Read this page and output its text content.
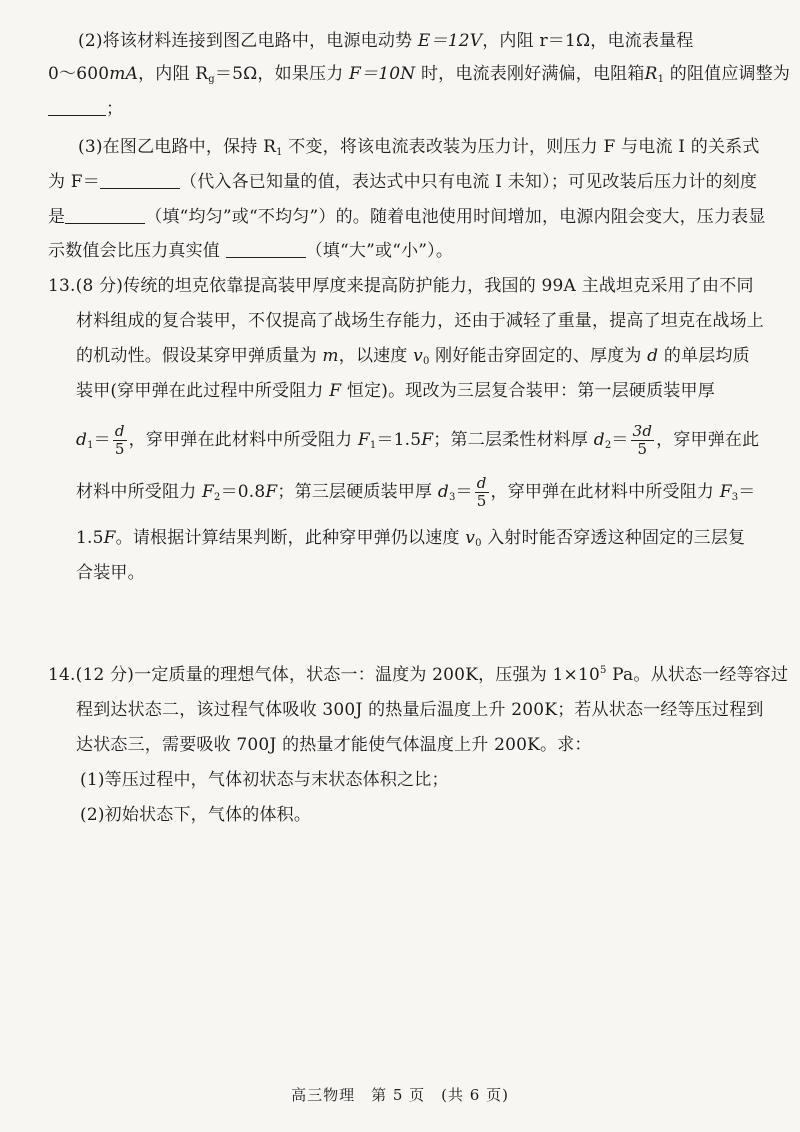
(2)将该材料连接到图乙电路中，电源电动势 E＝12V，内阻 r＝1Ω，电流表量程
0～600mA，内阻 $R_g=5\Omega$，如果压力 F＝10N 时，电流表刚好满偏，电阻箱$R_1$ 的阻值应调整为
；
(3)在图乙电路中，保持 $R_1$ 不变，将该电流表改装为压力计，则压力 F 与电流 I 的关系式
为 F＝	（代入各已知量的值，表达式中只有电流 I 未知）；可见改装后压力计的刻度
是	（填“均匀”或“不均匀”）的。随着电池使用时间增加，电源内阻会变大，压力表显
示数值会比压力真实值	（填“大”或“小”）。
13.(8 分)传统的坦克依靠提高装甲厚度来提高防护能力，我国的 99A 主战坦克采用了由不同
材料组成的复合装甲，不仅提高了战场生存能力，还由于减轻了重量，提高了坦克在战场上
的机动性。假设某穿甲弹质量为 m，以速度 $v_0$ 刚好能击穿固定的、厚度为 d 的单层均质
装甲(穿甲弹在此过程中所受阻力 F 恒定)。现改为三层复合装甲：第一层硬质装甲厚
$d_1= \frac{d}{5}$ ，穿甲弹在此材料中所受阻力 $F_1=1.5F$；第二层柔性材料厚 $d_2= \frac{3d}{5}$ ，穿甲弹在此
材料中所受阻力 $F_2=0.8F$；第三层硬质装甲厚 $d_3= \frac{d}{5}$ ，穿甲弹在此材料中所受阻力 $F_3=$
1.5F。请根据计算结果判断，此种穿甲弹仍以速度 $v_0$ 入射时能否穿透这种固定的三层复
合装甲。
14.(12 分)一定质量的理想气体，状态一：温度为 200K，压强为 $1\times 10^5$ Pa。从状态一经等容过
程到达状态二，该过程气体吸收 300J 的热量后温度上升 200K；若从状态一经等压过程到
达状态三，需要吸收 700J 的热量才能使气体温度上升 200K。求：
(1)等压过程中，气体初状态与末状态体积之比；
(2)初始状态下，气体的体积。
高三物理　第 5 页　(共 6 页)
